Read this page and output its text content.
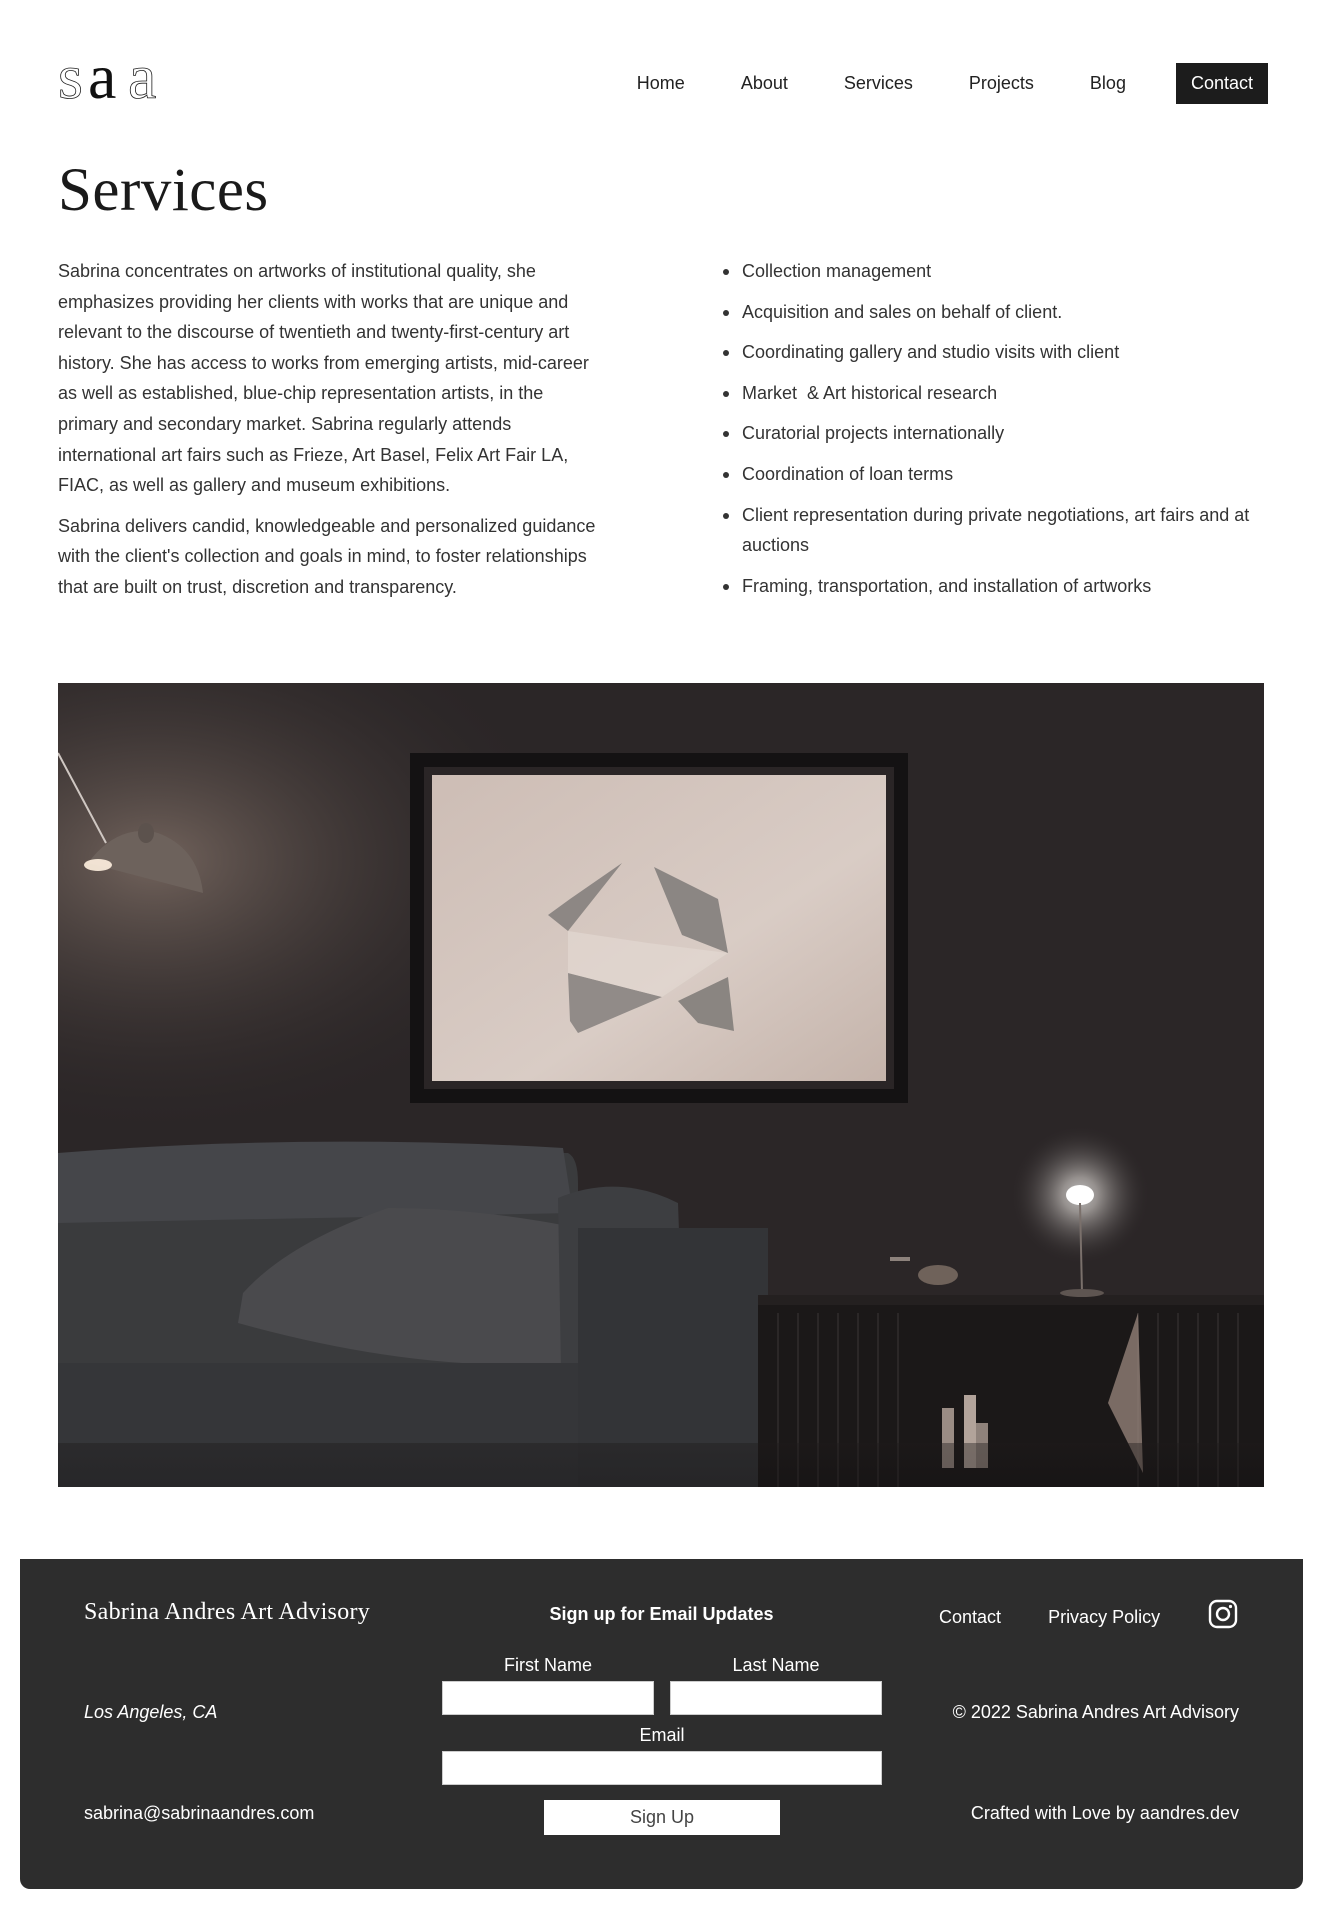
s a a	Home	About	Services	Projects	Blog	Contact
Services

Sabrina concentrates on artworks of institutional quality, she emphasizes providing her clients with works that are unique and relevant to the discourse of twentieth and twenty-first-century art history. She has access to works from emerging artists, mid-career as well as established, blue-chip representation artists, in the primary and secondary market. Sabrina regularly attends international art fairs such as Frieze, Art Basel, Felix Art Fair LA, FIAC, as well as gallery and museum exhibitions.

Sabrina delivers candid, knowledgeable and personalized guidance with the client's collection and goals in mind, to foster relationships that are built on trust, discretion and transparency.

Collection management
Acquisition and sales on behalf of client.
Coordinating gallery and studio visits with client
Market  & Art historical research
Curatorial projects internationally
Coordination of loan terms
Client representation during private negotiations, art fairs and at auctions
Framing, transportation, and installation of artworks
Sabrina Andres Art Advisory
Los Angeles, CA
sabrina@sabrinaandres.com
Sign up for Email Updates
First Name	Last Name
Email
Sign Up
Contact	Privacy Policy
© 2022 Sabrina Andres Art Advisory
Crafted with Love by aandres.dev
